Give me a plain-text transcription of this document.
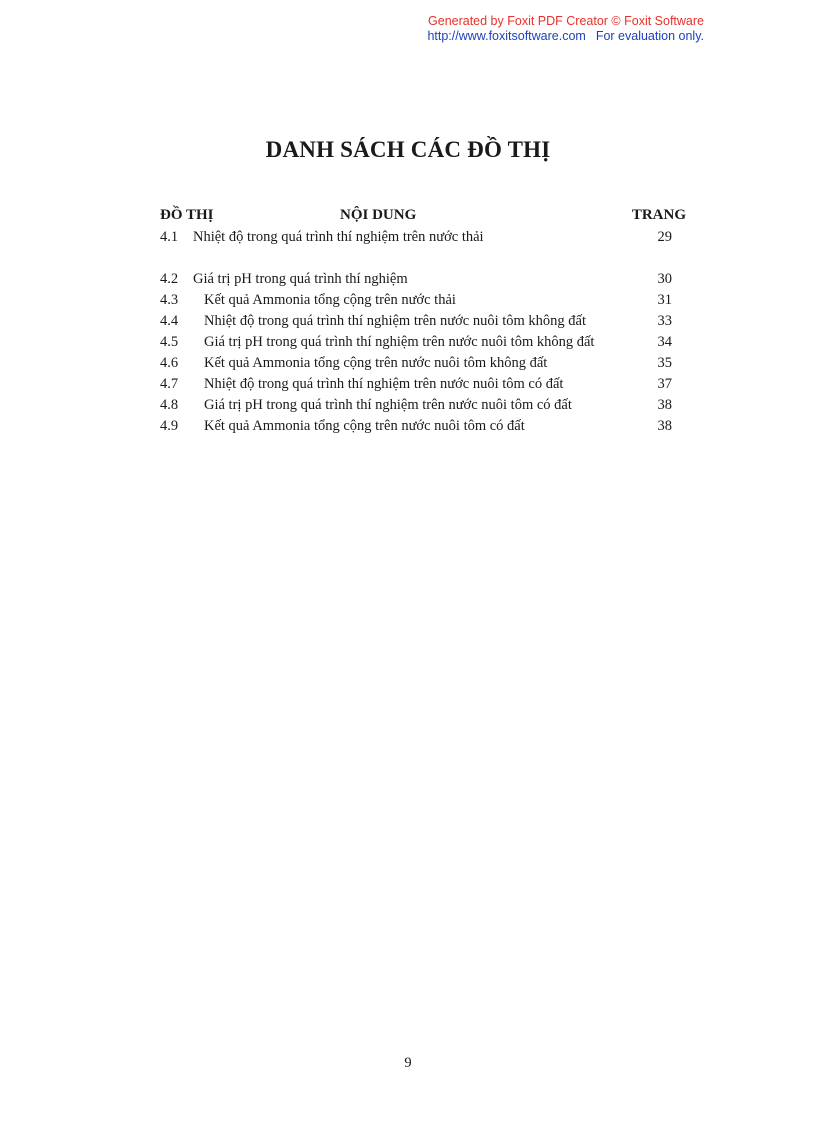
Generated by Foxit PDF Creator © Foxit Software
http://www.foxitsoftware.com For evaluation only.
DANH SÁCH CÁC ĐỒ THỊ
ĐỒ THỊ	NỘI DUNG	TRANG
4.1 Nhiệt độ trong quá trình thí nghiệm trên nước thải	29
4.2 Giá trị pH trong quá trình thí nghiệm	30
4.3 Kết quả Ammonia tổng cộng trên nước thải	31
4.4 Nhiệt độ trong quá trình thí nghiệm trên nước nuôi tôm không đất	33
4.5 Giá trị pH trong quá trình thí nghiệm trên nước nuôi tôm không đất	34
4.6 Kết quả Ammonia tổng cộng trên nước nuôi tôm không đất	35
4.7 Nhiệt độ trong quá trình thí nghiệm trên nước nuôi tôm có đất	37
4.8 Giá trị pH trong quá trình thí nghiệm trên nước nuôi tôm có đất	38
4.9 Kết quả Ammonia tổng cộng trên nước nuôi tôm có đất	38
9
